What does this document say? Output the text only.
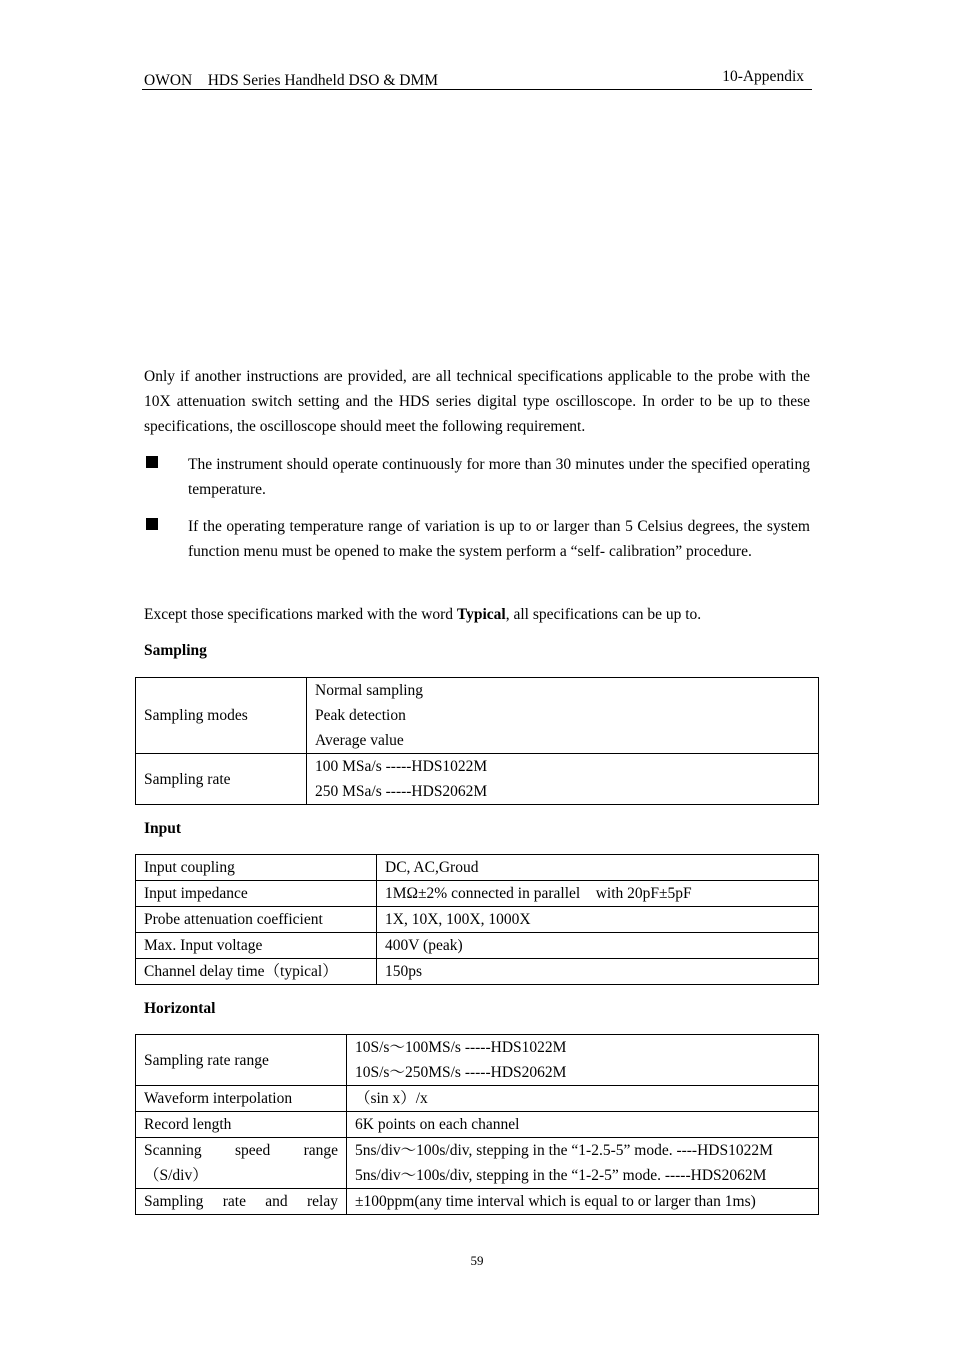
OWON　HDS Series Handheld DSO & DMM	10-Appendix

Only if another instructions are provided, are all technical specifications applicable to the probe with the 10X attenuation switch setting and the HDS series digital type oscilloscope. In order to be up to these specifications, the oscilloscope should meet the following requirement.

The instrument should operate continuously for more than 30 minutes under the specified operating temperature.
If the operating temperature range of variation is up to or larger than 5 Celsius degrees, the system function menu must be opened to make the system perform a “self- calibration” procedure.

Except those specifications marked with the word Typical, all specifications can be up to.

Sampling
Sampling modes	Normal sampling
Peak detection
Average value

Sampling rate	100 MSa/s -----HDS1022M
250 MSa/s -----HDS2062M
Input
Input coupling	DC, AC,Groud
Input impedance	1MΩ±2% connected in parallel　with 20pF±5pF
Probe attenuation coefficient	1X, 10X, 100X, 1000X
Max. Input voltage	400V (peak)
Channel delay time（typical）	150ps
Horizontal
Sampling rate range	10S/s～100MS/s -----HDS1022M
10S/s～250MS/s -----HDS2062M

Waveform interpolation	（sin x）/x
Record length	6K points on each channel

Scanning speed range
（S/div）	5ns/div～100s/div, stepping in the “1-2.5-5” mode. ----HDS1022M
5ns/div～100s/div, stepping in the “1-2-5” mode. -----HDS2062M

Sampling rate and relay	±100ppm(any time interval which is equal to or larger than 1ms)
59
